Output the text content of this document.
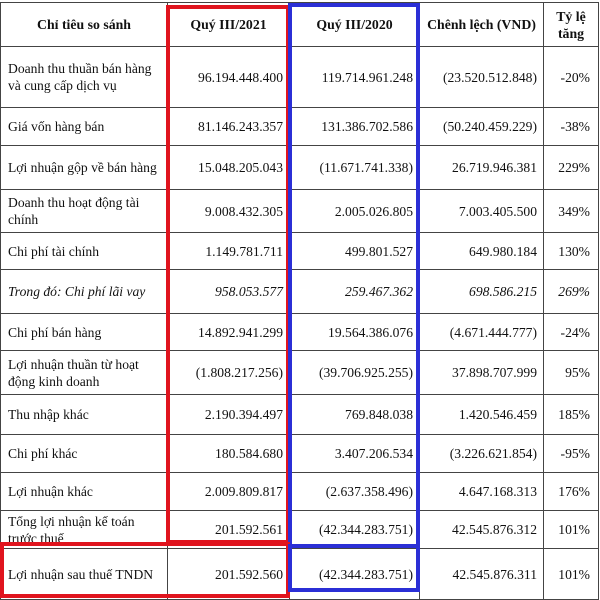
Chỉ tiêu so sánh	Quý III/2021	Quý III/2020	Chênh lệch (VND)	Tỷ lệ tăng
Doanh thu thuần bán hàng và cung cấp dịch vụ	96.194.448.400	119.714.961.248	(23.520.512.848)	-20%
Giá vốn hàng bán	81.146.243.357	131.386.702.586	(50.240.459.229)	-38%
Lợi nhuận gộp về bán hàng	15.048.205.043	(11.671.741.338)	26.719.946.381	229%
Doanh thu hoạt động tài chính	9.008.432.305	2.005.026.805	7.003.405.500	349%
Chi phí tài chính	1.149.781.711	499.801.527	649.980.184	130%
Trong đó: Chi phí lãi vay	958.053.577	259.467.362	698.586.215	269%
Chi phí bán hàng	14.892.941.299	19.564.386.076	(4.671.444.777)	-24%
Lợi nhuận thuần từ hoạt động kinh doanh	(1.808.217.256)	(39.706.925.255)	37.898.707.999	95%
Thu nhập khác	2.190.394.497	769.848.038	1.420.546.459	185%
Chi phí khác	180.584.680	3.407.206.534	(3.226.621.854)	-95%
Lợi nhuận khác	2.009.809.817	(2.637.358.496)	4.647.168.313	176%
Tổng lợi nhuận kế toán trước thuế	201.592.561	(42.344.283.751)	42.545.876.312	101%
Lợi nhuận sau thuế TNDN	201.592.560	(42.344.283.751)	42.545.876.311	101%
